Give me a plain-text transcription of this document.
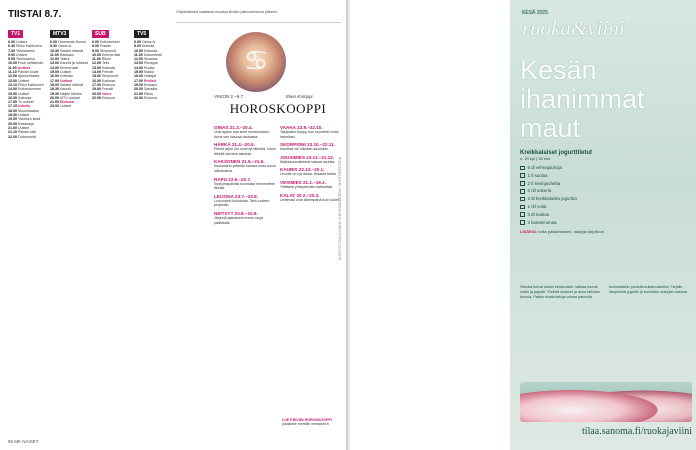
TIISTAI 8.7.	Ohjelmatiedot saattavat muuttua lehden painoonmenon jälkeen.
TV1
6.00 Uutisia
6.40 Pikku Kakkonen
7.40 Ykkösaamu
9.00 Uutiset
9.05 Ykkösaamu
10.00 Puoli seitsemän
11.00 Uutiset
11.10 Päivän kuvat
12.00 Ajankohtaista
13.00 Uutiset
13.10 Pikku Kakkonen
14.00 Kotiseutumme
15.00 Uutiset
16.00 Kotimaa
17.00 Tv-uutiset
17.15 Urheilu
18.00 Muumilaakso
18.30 Uutiset
19.00 Ykkösen kesä
20.00 Kesäsarja
21.00 Uutiset
21.10 Päivän sää
22.00 Dokumentti
MTV3
6.00 Huomenta Suomi
9.30 Ostos-tv
10.30 Salatut elämät
11.00 Rakkaus
12.00 Talent
13.00 Kauniit ja rohkeat
14.00 Emmerdale
15.00 Uutiset
16.00 Kotikatu
17.00 Uutiset
18.00 Salatut elämät
18.30 Kauniit
19.30 Neljän tähden
20.00 MTV Uutiset
21.00 Elokuva
23.00 Uutiset
SUB
6.00 Kotiostokset
8.00 Frasier
9.00 Simpsonit
10.00 Emmerdale
11.00 Rikos
12.00 Teini
13.00 Kotimaa
14.00 Frendit
15.00 Simpsonit
16.00 Kotimaa
17.00 Elokuva
19.00 Frendit
20.00 Voice
22.00 Elokuva
TV5
6.00 Ostos-tv
9.00 Elämää
10.00 Kotimaa
11.00 Dokumentti
12.00 Sisustus
13.00 Remppa
14.00 Ruoka
15.00 Matka
16.00 Hoitajat
17.00 Poliisit
19.00 Ensiapu
20.00 Sairaala
21.00 Rikos
22.00 Elokuva
♋
VIIKON 2.–9.7.	Elien Kamppi
HOROSKOOPPI
OINAS 21.3.–20.4.
Uusi ajatus saa sinut innostumaan. Anna sen kasvaa rauhassa.
HÄRKÄ 21.4.–20.5.
Pienet arjen ilot ovat nyt tärkeitä. Nauti lähellä olevista asioista.
KAKSONEN 21.5.–21.6.
Keskustelu ystävän kanssa avaa uusia näkökulmia.
RAPU 22.6.–22.7.
Syntymäpäiväsi kunniaksi hemmottele itseäsi.
LEIJONA 23.7.–22.8.
Luovuutesi kukoistaa. Tartu uuteen projektiin.
NEITSYT 23.8.–22.9.
Järjestä ajatuksesi ennen isoja päätöksiä.
VAAKA 23.9.–22.10.
Tasapaino löytyy, kun kuuntelet omia tarpeitasi.
SKORPIONI 23.10.–22.11.
Intuitiosi vie oikeaan suuntaan.
JOUSIMIES 23.11.–21.12.
Matkasuunnitelmat saavat vauhtia.
KAURIS 22.12.–20.1.
Levolle on nyt aikaa. Hidasta tahtia.
VESIMIES 21.1.–19.2.
Yllättävä yhteydenotto ilahduttaa.
KALAT 20.2.–20.3.
Unelmasi ovat lähempänä kuin luulet.
LUE PÄIVÄN HOROSKOOPPI
jokaiselle merkille menaiset.fi
60 ME NAISET
KUVITUS TANJA NÄKKI & RUSSONAKEDA / SHUTTERSTOCK
KESÄ 2025
ruoka&viini
Kesän ihanimmat maut
Kreikkalaiset jogurttiletut
n. 20 kpl | 30 min
5 dl vehnäjauhoja
1 tl suolaa
2 tl leivinjauhetta
3 rkl sokeria
2 dl kreikkalaista jogurttia
1 rkl voita
3 dl maitoa
3 kananmunaa
LISÄKSI: voita paistamiseen, marjoja tarjoiluun
Sekoita kuivat aineet keskenään. Vatkaa munat, maito ja jogurtti. Yhdistä seokset ja anna taikinan turvota. Paista ohuita lettuja voissa pannulla kummaltakin puolelta kullanruskeiksi. Tarjoile lämpiminä jogurtin ja tuoreiden marjojen kanssa.
tilaa.sanoma.fi/ruokajaviini
